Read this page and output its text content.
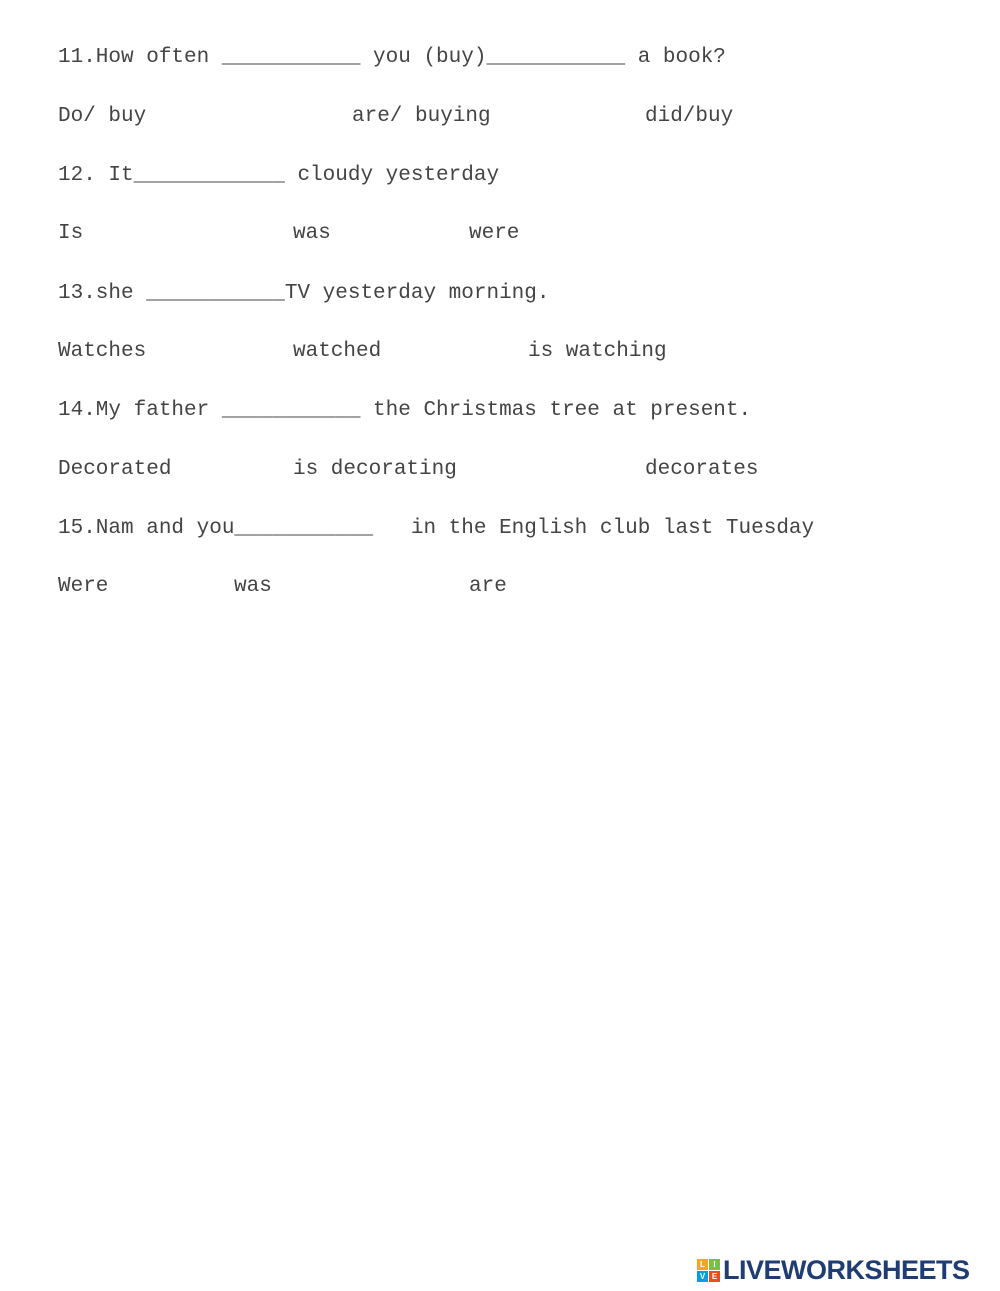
11.How often ___________ you (buy)___________ a book?

Do/ buy	are/ buying	did/buy

12. It____________ cloudy yesterday

Is	was	were

13.she ___________TV yesterday morning.

Watches	watched	is watching

14.My father ___________ the Christmas tree at present.

Decorated	is decorating	decorates

15.Nam and you___________   in the English club last Tuesday

Were	was	are
L	I
V E LIVEWORKSHEETS
